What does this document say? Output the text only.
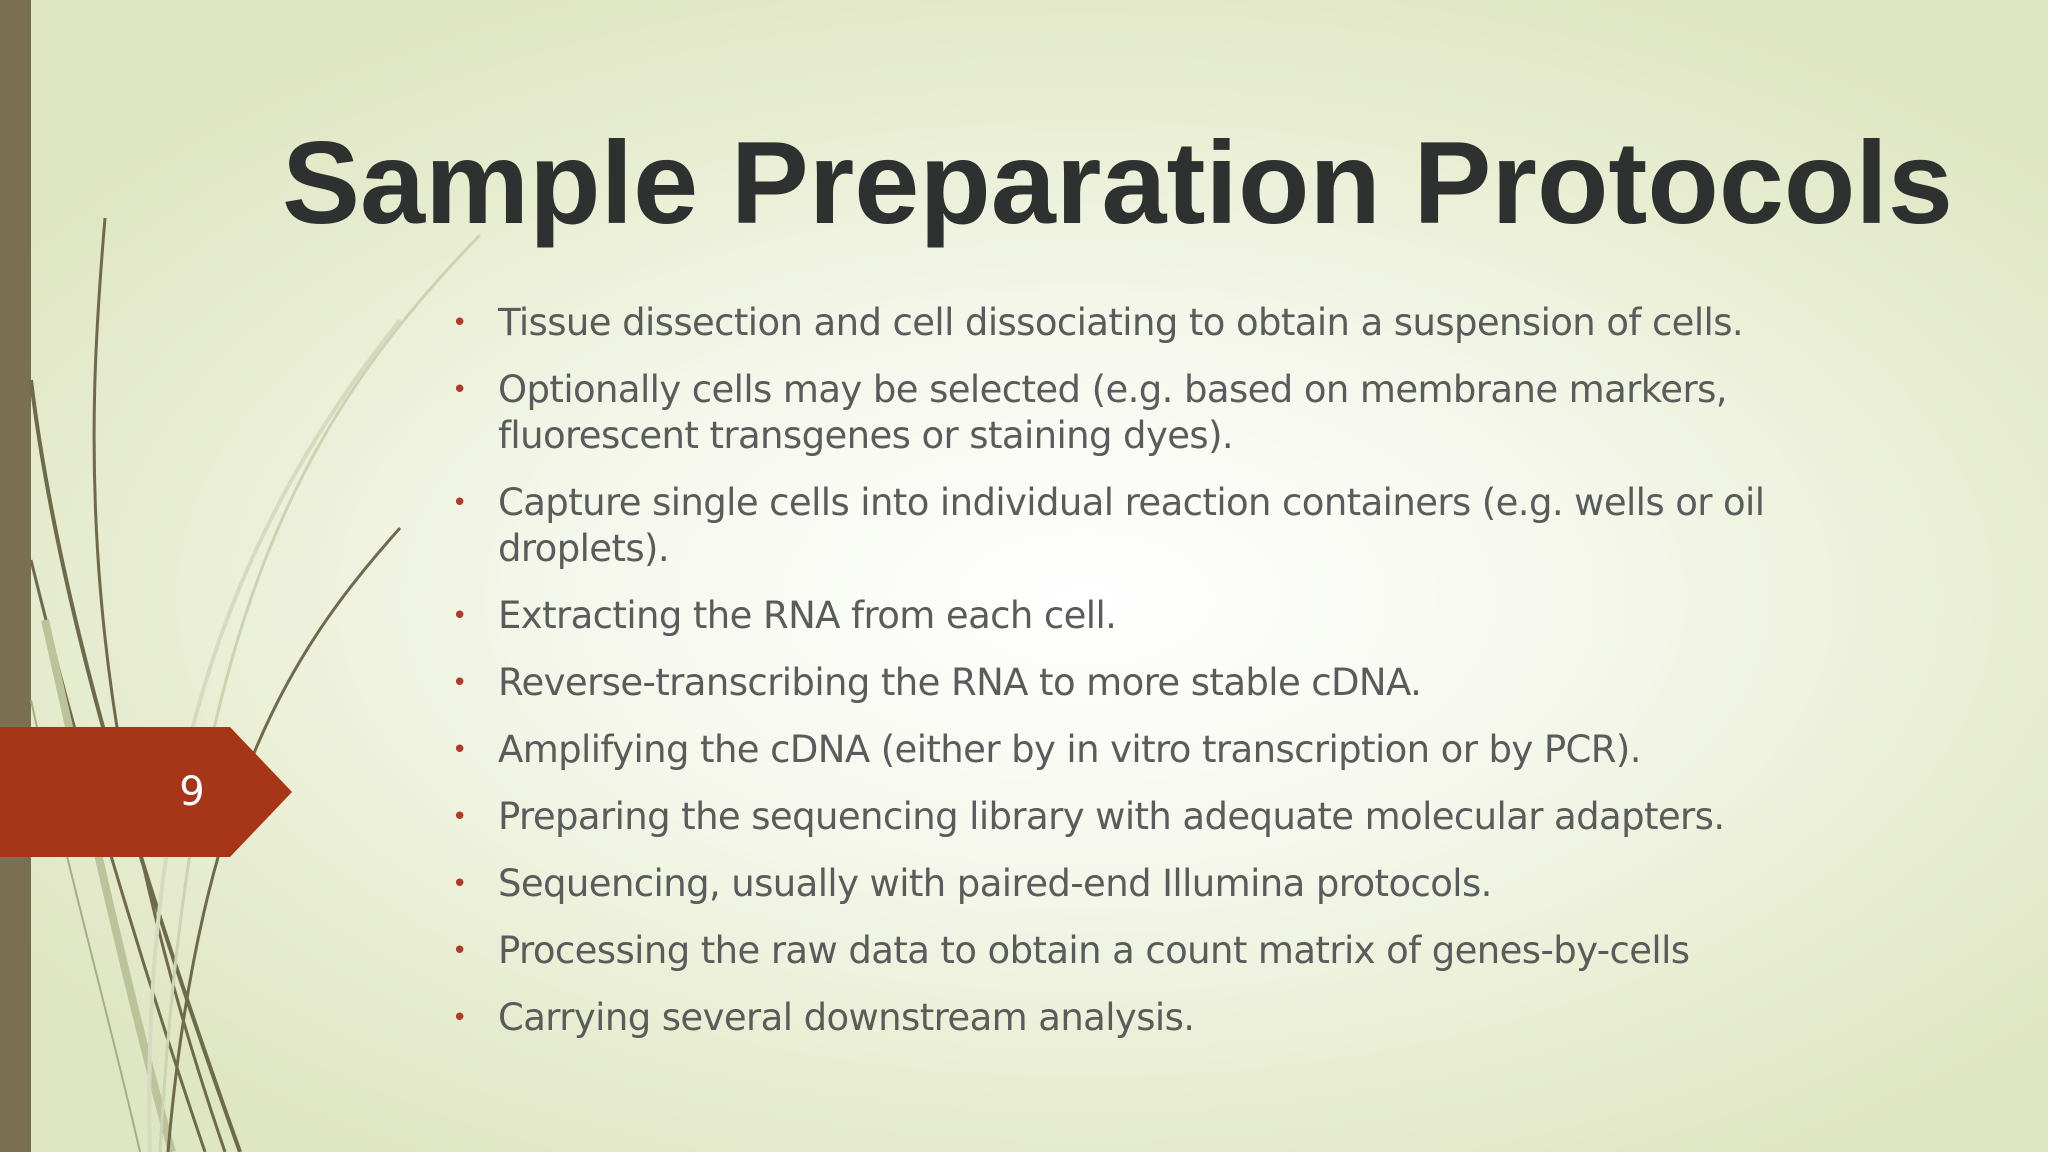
Sample Preparation Protocols
• Tissue dissection and cell dissociating to obtain a suspension of cells.
• Optionally cells may be selected (e.g. based on membrane markers, fluorescent transgenes or staining dyes).
• Capture single cells into individual reaction containers (e.g. wells or oil droplets).
• Extracting the RNA from each cell.
• Reverse-transcribing the RNA to more stable cDNA.
• Amplifying the cDNA (either by in vitro transcription or by PCR).
• Preparing the sequencing library with adequate molecular adapters.
• Sequencing, usually with paired-end Illumina protocols.
• Processing the raw data to obtain a count matrix of genes-by-cells
• Carrying several downstream analysis.
9
